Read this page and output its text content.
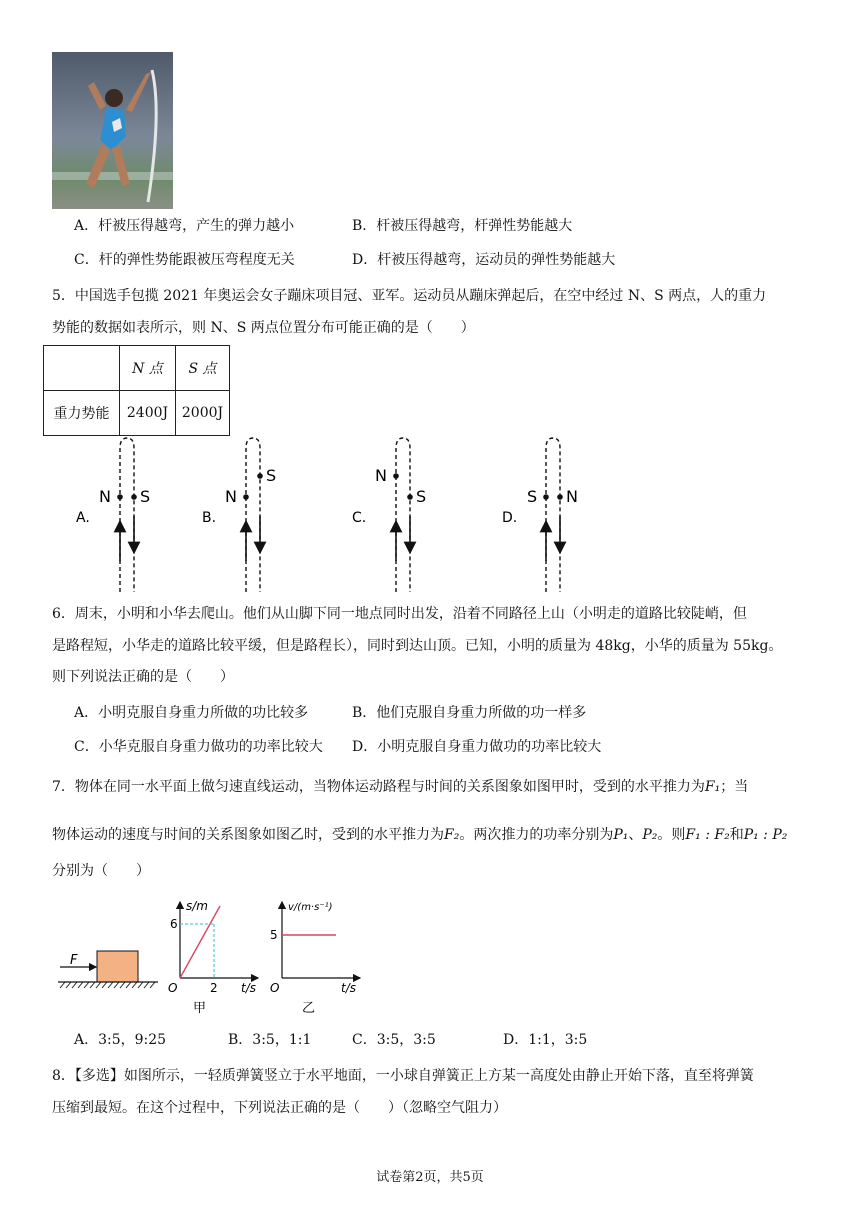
A．杆被压得越弯，产生的弹力越小	B．杆被压得越弯，杆弹性势能越大
C．杆的弹性势能跟被压弯程度无关	D．杆被压得越弯，运动员的弹性势能越大
5．中国选手包揽 2021 年奥运会女子蹦床项目冠、亚军。运动员从蹦床弹起后，在空中经过 N、S 两点，人的重力
势能的数据如表所示，则 N、S 两点位置分布可能正确的是（　　）
	N 点	S 点
重力势能	2400J	2000J
A.
N S
B.
N
S
C.
N
S
D.
S N
6．周末，小明和小华去爬山。他们从山脚下同一地点同时出发，沿着不同路径上山（小明走的道路比较陡峭，但
是路程短，小华走的道路比较平缓，但是路程长），同时到达山顶。已知，小明的质量为 48kg，小华的质量为 55kg。
则下列说法正确的是（　　）
A．小明克服自身重力所做的功比较多	B．他们克服自身重力所做的功一样多
C．小华克服自身重力做功的功率比较大 D．小明克服自身重力做功的功率比较大
7．物体在同一水平面上做匀速直线运动，当物体运动路程与时间的关系图象如图甲时，受到的水平推力为F₁；当
物体运动的速度与时间的关系图象如图乙时，受到的水平推力为F₂。两次推力的功率分别为P₁、P₂。则F₁ : F₂和P₁ : P₂
分别为（　　）
F
s/m
6
2
O	t/s
甲
v/(m·s⁻¹)
5
O	t/s
乙
A．3:5，9:25	B．3:5，1:1	C．3:5，3:5	D．1:1，3:5
8．【多选】如图所示，一轻质弹簧竖立于水平地面，一小球自弹簧正上方某一高度处由静止开始下落，直至将弹簧
压缩到最短。在这个过程中，下列说法正确的是（　　）（忽略空气阻力）
试卷第2页，共5页
